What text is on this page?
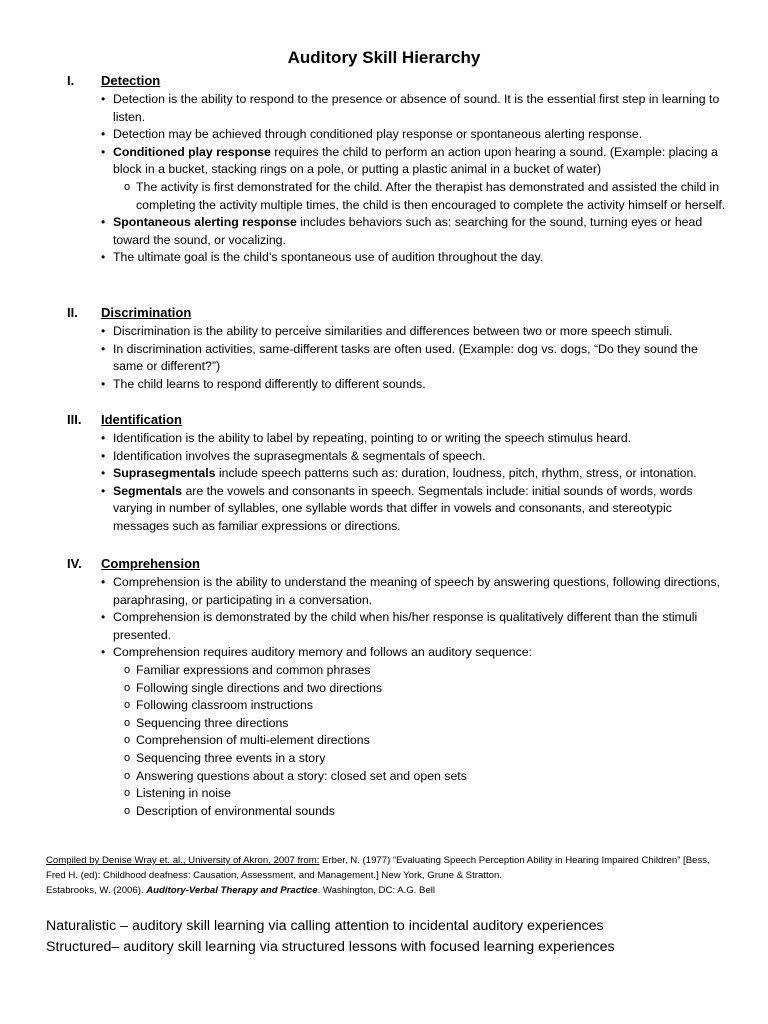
Auditory Skill Hierarchy
I. Detection
• Detection is the ability to respond to the presence or absence of sound. It is the essential first step in learning to listen.
• Detection may be achieved through conditioned play response or spontaneous alerting response.
• Conditioned play response requires the child to perform an action upon hearing a sound. (Example: placing a block in a bucket, stacking rings on a pole, or putting a plastic animal in a bucket of water)
o The activity is first demonstrated for the child. After the therapist has demonstrated and assisted the child in completing the activity multiple times, the child is then encouraged to complete the activity himself or herself.
• Spontaneous alerting response includes behaviors such as: searching for the sound, turning eyes or head toward the sound, or vocalizing.
• The ultimate goal is the child’s spontaneous use of audition throughout the day.
II. Discrimination
• Discrimination is the ability to perceive similarities and differences between two or more speech stimuli.
• In discrimination activities, same-different tasks are often used. (Example: dog vs. dogs, “Do they sound the same or different?”)
• The child learns to respond differently to different sounds.
III. Identification
• Identification is the ability to label by repeating, pointing to or writing the speech stimulus heard.
• Identification involves the suprasegmentals & segmentals of speech.
• Suprasegmentals include speech patterns such as: duration, loudness, pitch, rhythm, stress, or intonation.
• Segmentals are the vowels and consonants in speech. Segmentals include: initial sounds of words, words varying in number of syllables, one syllable words that differ in vowels and consonants, and stereotypic messages such as familiar expressions or directions.
IV. Comprehension
• Comprehension is the ability to understand the meaning of speech by answering questions, following directions, paraphrasing, or participating in a conversation.
• Comprehension is demonstrated by the child when his/her response is qualitatively different than the stimuli presented.
• Comprehension requires auditory memory and follows an auditory sequence:
o Familiar expressions and common phrases
o Following single directions and two directions
o Following classroom instructions
o Sequencing three directions
o Comprehension of multi-element directions
o Sequencing three events in a story
o Answering questions about a story: closed set and open sets
o Listening in noise
o Description of environmental sounds
Compiled by Denise Wray et. al., University of Akron, 2007 from: Erber, N. (1977) “Evaluating Speech Perception Ability in Hearing Impaired Children” [Bess, Fred H. (ed): Childhood deafness: Causation, Assessment, and Management.] New York, Grune & Stratton.
Estabrooks, W. (2006). Auditory-Verbal Therapy and Practice. Washington, DC: A.G. Bell
Naturalistic – auditory skill learning via calling attention to incidental auditory experiences
Structured– auditory skill learning via structured lessons with focused learning experiences
